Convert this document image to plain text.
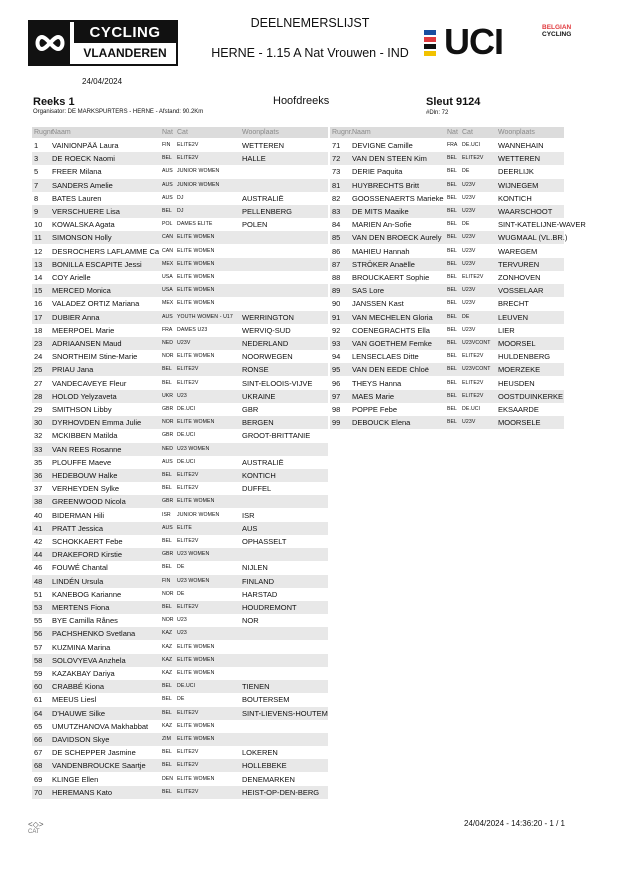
CYCLING
VLAANDEREN
DEELNEMERSLIJST
HERNE - 1.15 A Nat Vrouwen - IND UCI	BELGIAN
CYCLING
24/04/2024
Reeks 1
Organisator: DE MARKSPURTERS - HERNE - Afstand: 90.2Km
Hoofdreeks	Sleut 9124
#Dln: 72
Rugnr.
Naam	Nat Cat	Woonplaats	Rugnr. Naam	Nat Cat	Woonplaats
1 VAINIONPÄÄ Laura	FIN ELITE2V	WETTEREN
3 DE ROECK Naomi	BEL ELITE2V	HALLE
5 FREER Milana	AUS JUNIOR WOMEN
7 SANDERS Amelie	AUS JUNIOR WOMEN
8 BATES Lauren	AUS DJ	AUSTRALIË
9 VERSCHUERE Lisa	BEL DJ	PELLENBERG
10 KOWALSKA Agata	POL DAMES ELITE	POLEN
11 SIMONSON Holly	CAN ELITE WOMEN
12 DESROCHERS LAFLAMME Ca CAN ELITE WOMEN
13 BONILLA ESCAPITE Jessi	MEX ELITE WOMEN
14 COY Arielle	USA ELITE WOMEN
15 MERCED Monica	USA ELITE WOMEN
16 VALADEZ ORTIZ Mariana	MEX ELITE WOMEN
17 DUBIER Anna	AUS YOUTH WOMEN - U17 WERRINGTON
18 MEERPOEL Marie	FRA DAMES U23	WERVIQ-SUD
23 ADRIAANSEN Maud	NED U23V	NEDERLAND
24 SNORTHEIM Stine-Marie	NOR ELITE WOMEN	NOORWEGEN
25 PRIAU Jana	BEL ELITE2V	RONSE
27 VANDECAVEYE Fleur	BEL ELITE2V	SINT-ELOOIS-VIJVE
28 HOLOD Yelyzaveta	UKR U23	UKRAINE
29 SMITHSON Libby	GBR DE.UCI	GBR
30 DYRHOVDEN Emma Julie	NOR ELITE WOMEN	BERGEN
32 MCKIBBEN Matilda	GBR DE.UCI	GROOT-BRITTANIE
33 VAN REES Rosanne	NED U23 WOMEN
35 PLOUFFE Maeve	AUS DE.UCI	AUSTRALIË
36 HEDEBOUW Halke	BEL ELITE2V	KONTICH
37 VERHEYDEN Sylke	BEL ELITE2V	DUFFEL
38 GREENWOOD Nicola	GBR ELITE WOMEN
40 BIDERMAN Hili	ISR JUNIOR WOMEN	ISR
41 PRATT Jessica	AUS ELITE	AUS
42 SCHOKKAERT Febe	BEL ELITE2V	OPHASSELT
44 DRAKEFORD Kirstie	GBR U23 WOMEN
46 FOUWÉ Chantal	BEL DE	NIJLEN
48 LINDÉN Ursula	FIN U23 WOMEN	FINLAND
51 KANEBOG Karianne	NOR DE	HARSTAD
53 MERTENS Fiona	BEL ELITE2V	HOUDREMONT
55 BYE Camilla Rånes	NOR U23	NOR
56 PACHSHENKO Svetlana	KAZ U23
57 KUZMINA Marina	KAZ ELITE WOMEN
58 SOLOVYEVA Anzhela	KAZ ELITE WOMEN
59 KAZAKBAY Dariya	KAZ ELITE WOMEN
60 CRABBÉ Kiona	BEL DE.UCI	TIENEN
61 MEEUS Liesl	BEL DE	BOUTERSEM
64 D'HAUWE Silke	BEL ELITE2V	SINT-LIEVENS-HOUTEM
65 UMUTZHANOVA Makhabbat	KAZ ELITE WOMEN
66 DAVIDSON Skye	ZIM ELITE WOMEN
67 DE SCHEPPER Jasmine	BEL ELITE2V	LOKEREN
68 VANDENBROUCKE Saartje	BEL ELITE2V	HOLLEBEKE
69 KLINGE Ellen	DEN ELITE WOMEN	DENEMARKEN
70 HEREMANS Kato	BEL ELITE2V	HEIST-OP-DEN-BERG
71 DEVIGNE Camille	FRA DE.UCI WANNEHAIN
72 VAN DEN STEEN Kim	BEL ELITE2V WETTEREN
73 DERIE Paquita	BEL DE	DEERLIJK
81 HUYBRECHTS Britt	BEL U23V	WIJNEGEM
82 GOOSSENAERTS Marieke BEL U23V	KONTICH
83 DE MITS Maaike	BEL U23V	WAARSCHOOT
84 MARIEN An-Sofie	BEL DE	SINT-KATELIJNE-WAVER
85 VAN DEN BROECK Aurely BEL U23V	WUGMAAL (VL.BR.)
86 MAHIEU Hannah	BEL U23V	WAREGEM
87 STRÖKER Anaëlle	BEL U23V	TERVUREN
88 BROUCKAERT Sophie	BEL ELITE2V ZONHOVEN
89 SAS Lore	BEL U23V	VOSSELAAR
90 JANSSEN Kast	BEL U23V	BRECHT
91 VAN MECHELEN Gloria	BEL DE	LEUVEN
92 COENEGRACHTS Ella	BEL U23V	LIER
93 VAN GOETHEM Femke	BEL U23VCONT MOORSEL
94 LENSECLAES Ditte	BEL ELITE2V HULDENBERG
95 VAN DEN EEDE Chloë	BEL U23VCONT MOERZEKE
96 THEYS Hanna	BEL ELITE2V HEUSDEN
97 MAES Marie	BEL ELITE2V OOSTDUINKERKE
98 POPPE Febe	BEL DE.UCI EKSAARDE
99 DEBOUCK Elena	BEL U23V	MOORSELE
24/04/2024 - 14:36:20 - 1 / 1
<◇>
CAT
